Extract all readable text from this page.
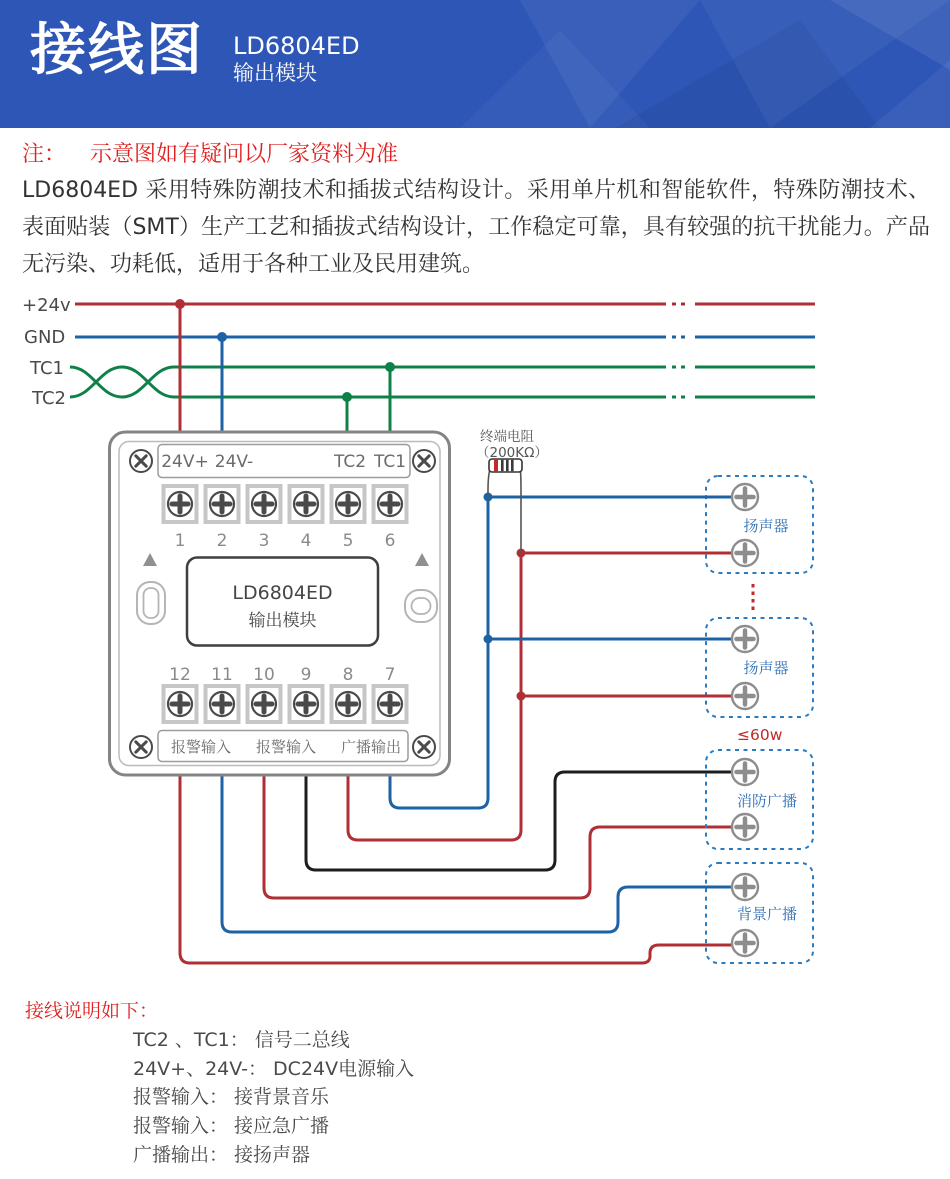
接线图 LD6804ED
输出模块
注： 示意图如有疑问以厂家资料为准

LD6804ED 采用特殊防潮技术和插拔式结构设计。采用单片机和智能软件，特殊防潮技术、表面贴装（SMT）生产工艺和插拔式结构设计，工作稳定可靠，具有较强的抗干扰能力。产品无污染、功耗低，适用于各种工业及民用建筑。

+24v
GND
TC1
TC2
终端电阻
（200KΩ）
24V+ 24V-	TC2 TC1
1 2 3 4 5 6
LD6804ED
输出模块
12 11 10 9 8 7
报警输入 报警输入 广播输出
扬声器
扬声器
消防广播
背景广播
≤60w
接线说明如下：
TC2 、TC1： 信号二总线
24V+、24V-： DC24V电源输入
报警输入： 接背景音乐
报警输入： 接应急广播
广播输出： 接扬声器
